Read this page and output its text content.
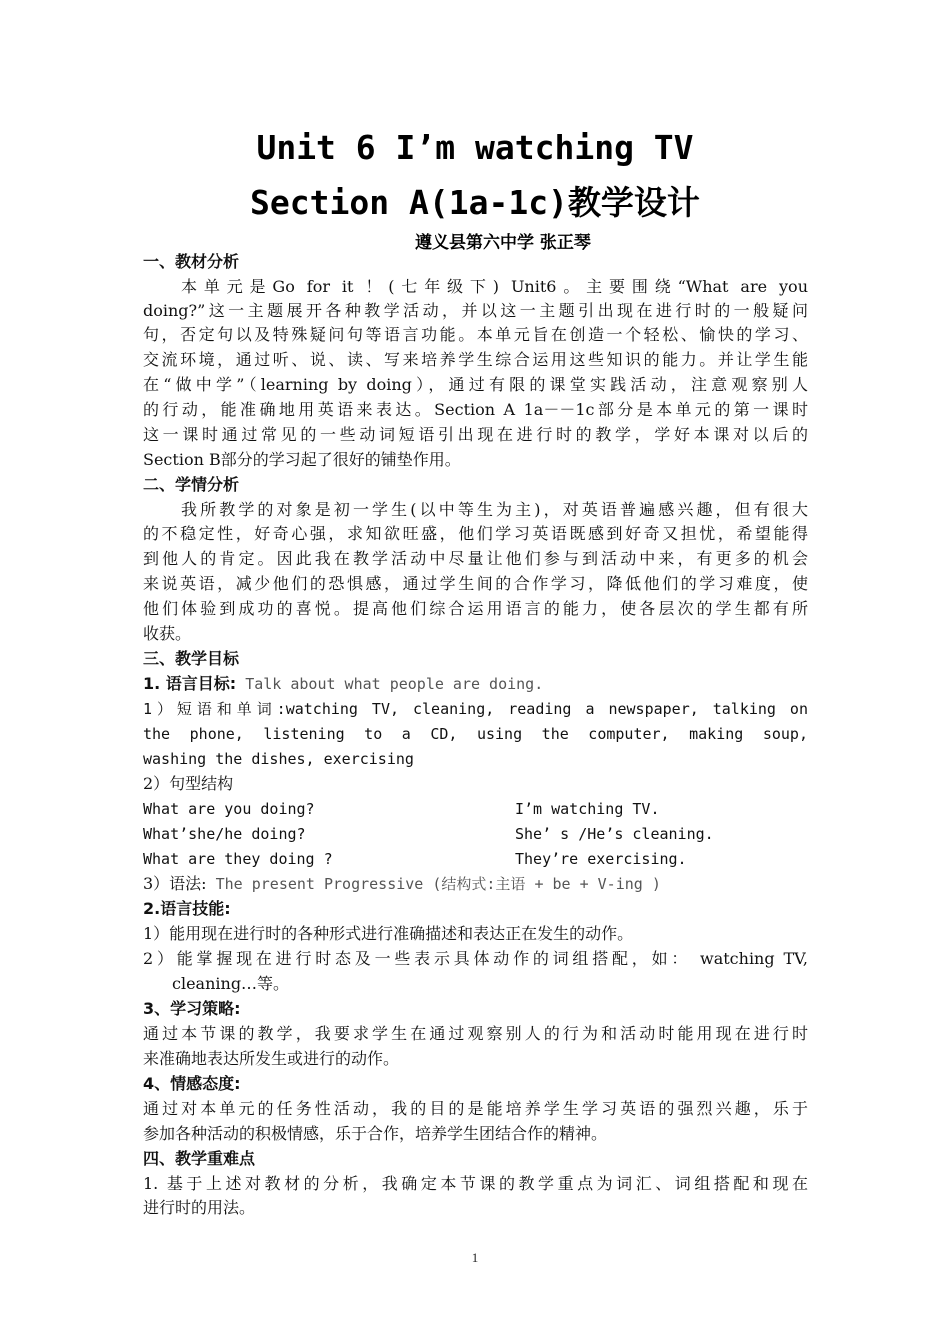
Unit 6 I’m watching TV
Section A(1a-1c)教学设计
遵义县第六中学 张正琴
一、教材分析
本单元是Go for it ！(七年级下) Unit6。主要围绕“What are you
doing?”这一主题展开各种教学活动，并以这一主题引出现在进行时的一般疑问
句，否定句以及特殊疑问句等语言功能。本单元旨在创造一个轻松、愉快的学习、
交流环境，通过听、说、读、写来培养学生综合运用这些知识的能力。并让学生能
在“做中学”（learning by doing），通过有限的课堂实践活动，注意观察别人
的行动，能准确地用英语来表达。Section A 1a－－1c部分是本单元的第一课时
这一课时通过常见的一些动词短语引出现在进行时的教学，学好本课对以后的
Section B部分的学习起了很好的铺垫作用。
二、学情分析
我所教学的对象是初一学生(以中等生为主)，对英语普遍感兴趣，但有很大
的不稳定性，好奇心强，求知欲旺盛，他们学习英语既感到好奇又担忧，希望能得
到他人的肯定。因此我在教学活动中尽量让他们参与到活动中来，有更多的机会
来说英语，减少他们的恐惧感，通过学生间的合作学习，降低他们的学习难度，使
他们体验到成功的喜悦。提高他们综合运用语言的能力，使各层次的学生都有所
收获。
三、教学目标
1. 语言目标: Talk about what people are doing.
1）短语和单词:watching TV, cleaning, reading a newspaper, talking on
the phone, listening to a CD, using the computer, making soup,
washing the dishes, exercising
2）句型结构
What are you doing?	I’m watching TV.
What’she/he doing?	She’ s /He’s cleaning.
What are they doing ?	They’re exercising.
3）语法: The present Progressive (结构式:主语 + be + V-ing )
2.语言技能:
1）能用现在进行时的各种形式进行准确描述和表达正在发生的动作。
2）能掌握现在进行时态及一些表示具体动作的词组搭配，如： watching TV,
cleaning…等。
3、学习策略:
通过本节课的教学，我要求学生在通过观察别人的行为和活动时能用现在进行时
来准确地表达所发生或进行的动作。
4、情感态度:
通过对本单元的任务性活动，我的目的是能培养学生学习英语的强烈兴趣，乐于
参加各种活动的积极情感，乐于合作，培养学生团结合作的精神。
四、教学重难点
1. 基于上述对教材的分析，我确定本节课的教学重点为词汇、词组搭配和现在
进行时的用法。
1
